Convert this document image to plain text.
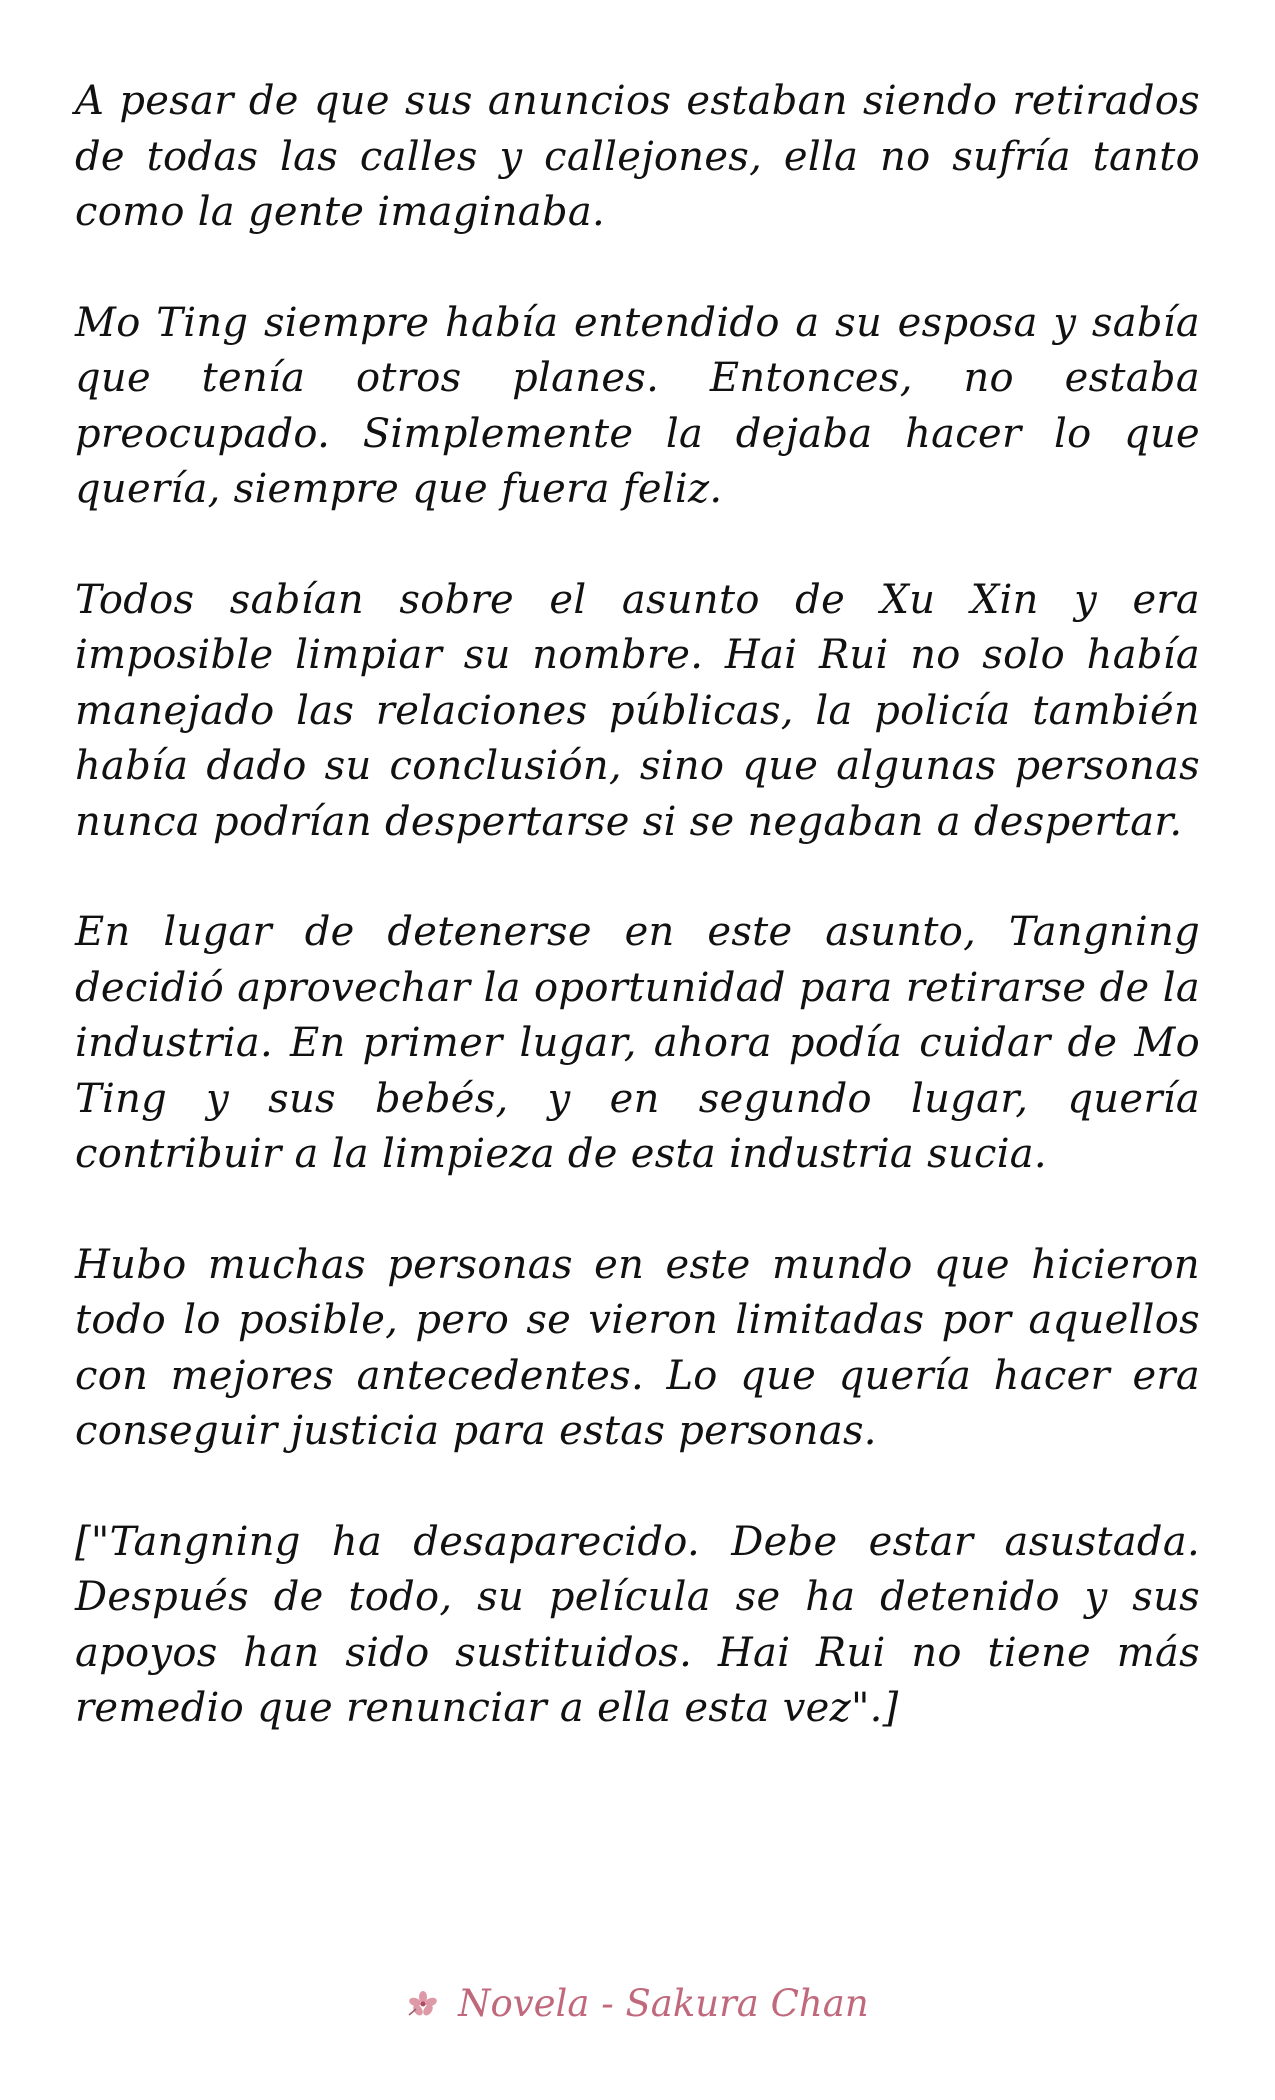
A pesar de que sus anuncios estaban siendo retirados de todas las calles y callejones, ella no sufría tanto como la gente imaginaba.

Mo Ting siempre había entendido a su esposa y sabía que tenía otros planes. Entonces, no estaba preocupado. Simplemente la dejaba hacer lo que quería, siempre que fuera feliz.

Todos sabían sobre el asunto de Xu Xin y era imposible limpiar su nombre. Hai Rui no solo había manejado las relaciones públicas, la policía también había dado su conclusión, sino que algunas personas nunca podrían despertarse si se negaban a despertar.

En lugar de detenerse en este asunto, Tangning decidió aprovechar la oportunidad para retirarse de la industria. En primer lugar, ahora podía cuidar de Mo Ting y sus bebés, y en segundo lugar, quería contribuir a la limpieza de esta industria sucia.

Hubo muchas personas en este mundo que hicieron todo lo posible, pero se vieron limitadas por aquellos con mejores antecedentes. Lo que quería hacer era conseguir justicia para estas personas.

["Tangning ha desaparecido. Debe estar asustada. Después de todo, su película se ha detenido y sus apoyos han sido sustituidos. Hai Rui no tiene más remedio que renunciar a ella esta vez".]

Novela - Sakura Chan
